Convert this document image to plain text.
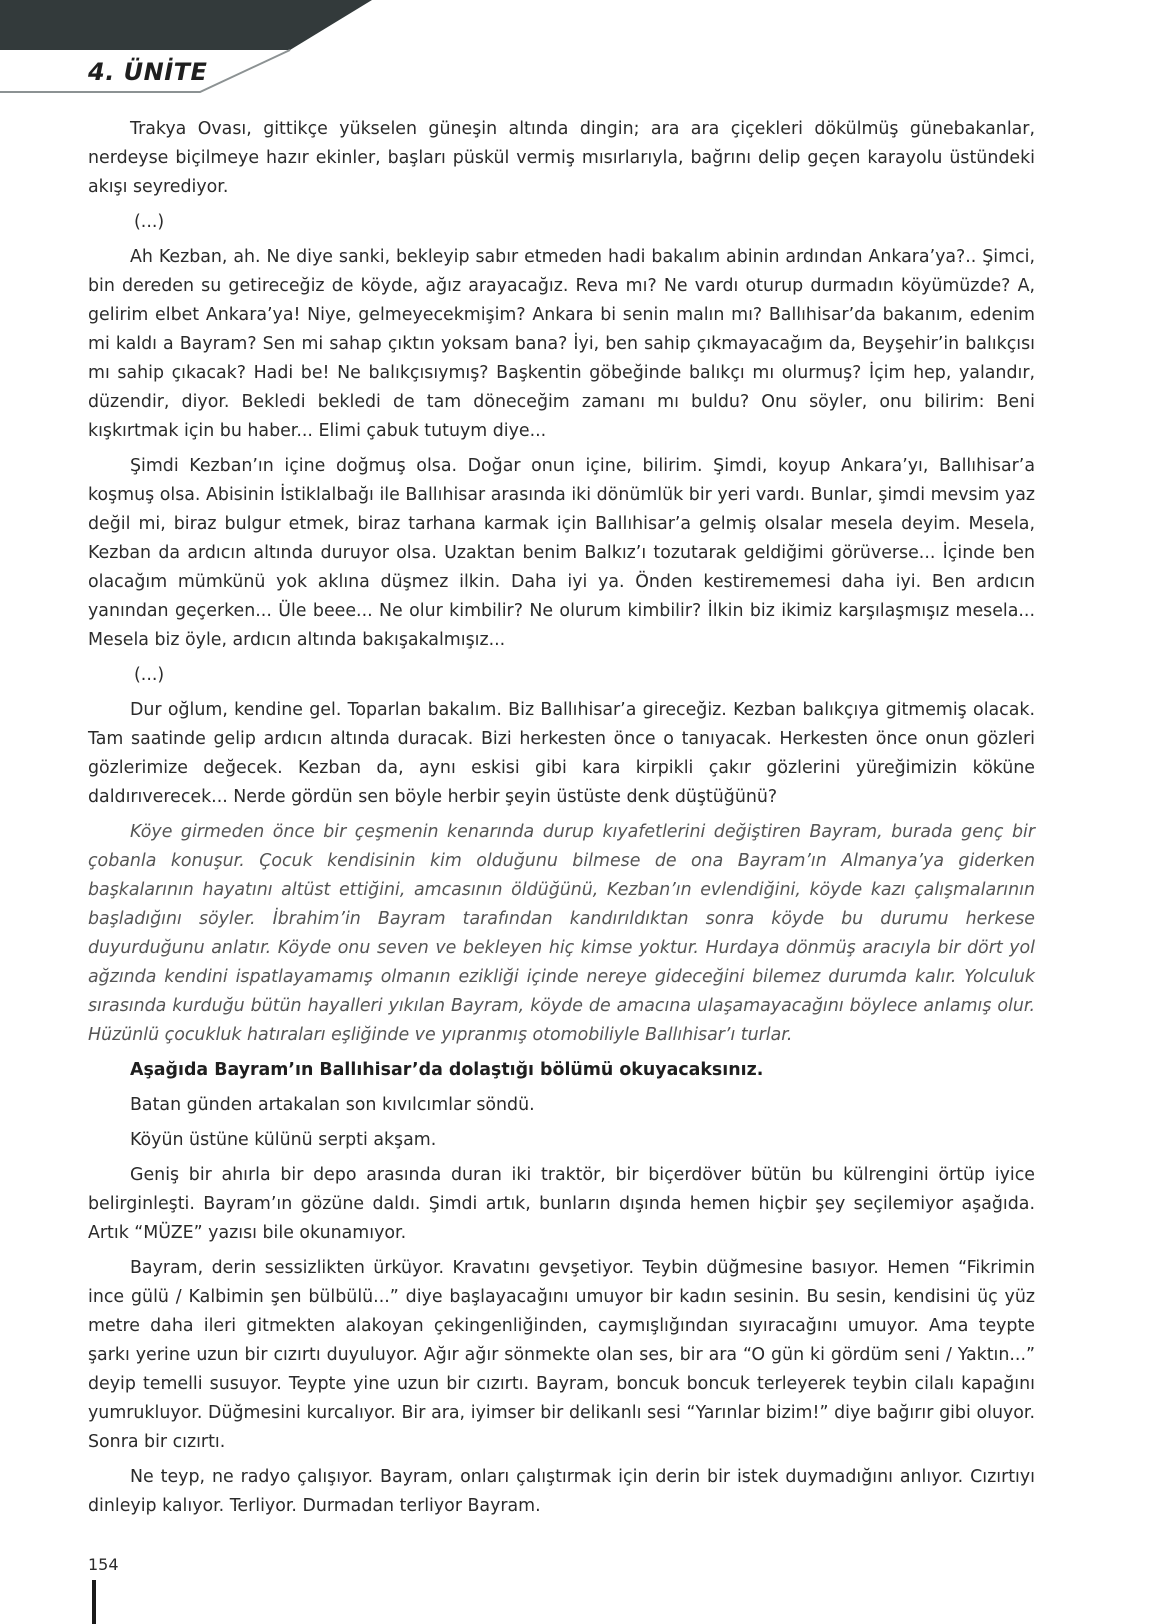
4. ÜNİTE

Trakya Ovası, gittikçe yükselen güneşin altında dingin; ara ara çiçekleri dökülmüş günebakanlar, nerdeyse biçilmeye hazır ekinler, başları püskül vermiş mısırlarıyla, bağrını delip geçen karayolu üstündeki akışı seyrediyor.

(...)

Ah Kezban, ah. Ne diye sanki, bekleyip sabır etmeden hadi bakalım abinin ardından Ankara’ya?.. Şimci, bin dereden su getireceğiz de köyde, ağız arayacağız. Reva mı? Ne vardı oturup durmadın köyümüzde? A, gelirim elbet Ankara’ya! Niye, gelmeyecekmişim? Ankara bi senin malın mı? Ballıhisar’da bakanım, edenim mi kaldı a Bayram? Sen mi sahap çıktın yoksam bana? İyi, ben sahip çıkmayacağım da, Beyşehir’in balıkçısı mı sahip çıkacak? Hadi be! Ne balıkçısıymış? Başkentin göbeğinde balıkçı mı olurmuş? İçim hep, yalandır, düzendir, diyor. Bekledi bekledi de tam döneceğim zamanı mı buldu? Onu söyler, onu bilirim: Beni kışkırtmak için bu haber... Elimi çabuk tutuym diye...

Şimdi Kezban’ın içine doğmuş olsa. Doğar onun içine, bilirim. Şimdi, koyup Ankara’yı, Ballıhisar’a koşmuş olsa. Abisinin İstiklalbağı ile Ballıhisar arasında iki dönümlük bir yeri vardı. Bunlar, şimdi mevsim yaz değil mi, biraz bulgur etmek, biraz tarhana karmak için Ballıhisar’a gelmiş olsalar mesela deyim. Mesela, Kezban da ardıcın altında duruyor olsa. Uzaktan benim Balkız’ı tozutarak geldiğimi görüverse... İçinde ben olacağım mümkünü yok aklına düşmez ilkin. Daha iyi ya. Önden kestirememesi daha iyi. Ben ardıcın yanından geçerken... Üle beee... Ne olur kimbilir? Ne olurum kimbilir? İlkin biz ikimiz karşılaşmışız mesela... Mesela biz öyle, ardıcın altında bakışakalmışız...

(...)

Dur oğlum, kendine gel. Toparlan bakalım. Biz Ballıhisar’a gireceğiz. Kezban balıkçıya gitmemiş olacak. Tam saatinde gelip ardıcın altında duracak. Bizi herkesten önce o tanıyacak. Herkesten önce onun gözleri gözlerimize değecek. Kezban da, aynı eskisi gibi kara kirpikli çakır gözlerini yüreğimizin köküne daldırıverecek... Nerde gördün sen böyle herbir şeyin üstüste denk düştüğünü?

Köye girmeden önce bir çeşmenin kenarında durup kıyafetlerini değiştiren Bayram, burada genç bir çobanla konuşur. Çocuk kendisinin kim olduğunu bilmese de ona Bayram’ın Almanya’ya giderken başkalarının hayatını altüst ettiğini, amcasının öldüğünü, Kezban’ın evlendiğini, köyde kazı çalışmalarının başladığını söyler. İbrahim’in Bayram tarafından kandırıldıktan sonra köyde bu durumu herkese duyurduğunu anlatır. Köyde onu seven ve bekleyen hiç kimse yoktur. Hurdaya dönmüş aracıyla bir dört yol ağzında kendini ispatlayamamış olmanın ezikliği içinde nereye gideceğini bilemez durumda kalır. Yolculuk sırasında kurduğu bütün hayalleri yıkılan Bayram, köyde de amacına ulaşamayacağını böylece anlamış olur. Hüzünlü çocukluk hatıraları eşliğinde ve yıpranmış otomobiliyle Ballıhisar’ı turlar.

Aşağıda Bayram’ın Ballıhisar’da dolaştığı bölümü okuyacaksınız.

Batan günden artakalan son kıvılcımlar söndü.

Köyün üstüne külünü serpti akşam.

Geniş bir ahırla bir depo arasında duran iki traktör, bir biçerdöver bütün bu külrengini örtüp iyice belirginleşti. Bayram’ın gözüne daldı. Şimdi artık, bunların dışında hemen hiçbir şey seçilemiyor aşağıda. Artık “MÜZE” yazısı bile okunamıyor.

Bayram, derin sessizlikten ürküyor. Kravatını gevşetiyor. Teybin düğmesine basıyor. Hemen “Fikrimin ince gülü / Kalbimin şen bülbülü...” diye başlayacağını umuyor bir kadın sesinin. Bu sesin, kendisini üç yüz metre daha ileri gitmekten alakoyan çekingenliğinden, caymışlığından sıyıracağını umuyor. Ama teypte şarkı yerine uzun bir cızırtı duyuluyor. Ağır ağır sönmekte olan ses, bir ara “O gün ki gördüm seni / Yaktın...” deyip temelli susuyor. Teypte yine uzun bir cızırtı. Bayram, boncuk boncuk terleyerek teybin cilalı kapağını yumrukluyor. Düğmesini kurcalıyor. Bir ara, iyimser bir delikanlı sesi “Yarınlar bizim!” diye bağırır gibi oluyor. Sonra bir cızırtı.

Ne teyp, ne radyo çalışıyor. Bayram, onları çalıştırmak için derin bir istek duymadığını anlıyor. Cızırtıyı dinleyip kalıyor. Terliyor. Durmadan terliyor Bayram.

154
